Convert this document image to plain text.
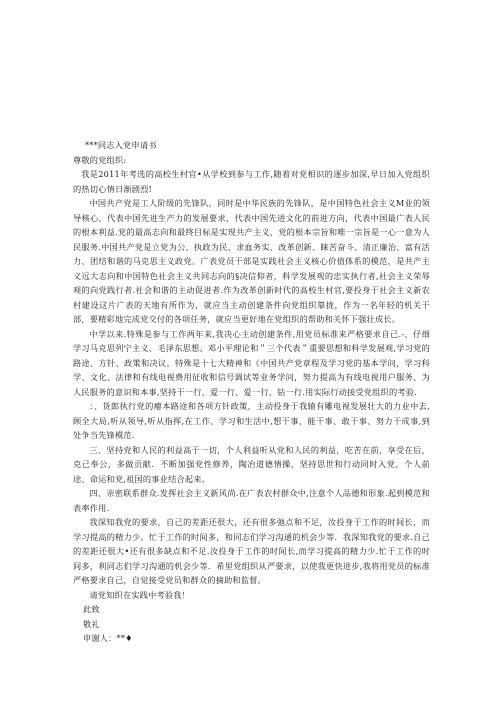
***同志入党申请书
尊敬的党组织:

我是2011年考选的高校生村官•从学校到参与工作,随着对党相识的逐步加深,早日加入党组织的热切心情日渐剧烈!

中国共产党是工人阶级的先锋队，同时是中华民族的先锋队，是中国特色社会主义M业的领导核心，代表中国先进生产力的发展要求，代表中国先进文化的前进方向，代表中国最广表人民的根本利益.党的最高志向和最终目标是实现共产主义，党的根本宗旨和唯一宗旨是一心一意为人民服务.中国共产党是立党为公、执政为民、求血务实、改革创新、睐苦奋斗、清正廉治、富有活力、团结和谐的马克思主义政党。广表党员干部是实践社会主义核心价值体系的模范，是共产主义远大志向和中国特色社会主义共同志向的§决信仰者，科学发展观的忠实执行者,社会主义荣辱观的向党践行者.社会和谐的主动促进者.作为改革创新时代的高校生村官,要投身于社会主义新农村建设这片广表的天地有所作为，就应当主动创建条件向党组织靠拢，作为一名年轻的机关干部，要精彩地完成党交付的各项任务，就应当更好地在党组织的帮助和关怀下强壮成长。

中学以来.特殊是参与工作两年来,我决心主动创建条件,用党员标准来严格要求自己.-、仔细学习马克思列宁主义、毛泽东思想、邓小平理论和＂三个代表＂重要思想和科学发展观,学习党的路途、方针、政策和决议。特殊是十七大精神和《中国共产党章程及学习党的基本学问，学习科学、文化、法律和有线电视费用征收和信号调试等业务学问，努力提高为有线电视用户服务、为人民服务的意识和本事,坚持干一行、爱一行、爱一行、钻一行.用实际行动接受党组织的考验.

：、货郎执行党的瘪本路途和各项方针政策，主动投身于我辕有雕电视发展壮大的力业中去,顾全大局,听从领导,听从指挥,在工作、学习和生活中,想干事、能干事、敢干事、努力干成事,到处争当先锋模范.

三、坚持党和人民的利益高于一切，个人利益听从党和人民的利益，吃苦在前，享受在后，克己奉公，多做贡献．不断加强党性修养，陶冶道德情操，坚持思世和行动同时入党，个人前途、命运和党,祖国的事业结合起来。

四、亲密联系群众.发挥社会主义新风尚.在广表农村群众中,注意个人品德和形象.起到模范和表率作用.

我深知我党的要求，自己的差距还很大，还有很多弛点和不足，汝投身于工作的时间长，而学习提高的精力少。忙于工作的时间多，和同志们学习沟通的机会少等．我深知我党的要求.自己的差距还很大•还有很多缺点和不足.汝投身于工作的时间长,而学习提高的精力少.忙于工作的时间多，利同志们学习沟通的机会少等．希里党组织从严要求，以使我更快进步,我将用党员的标准严格要求自己，自觉接受党员和群众的摘助和监督。

请党知织在实践中考验我！

此致
敬礼
申谢人：**♦
